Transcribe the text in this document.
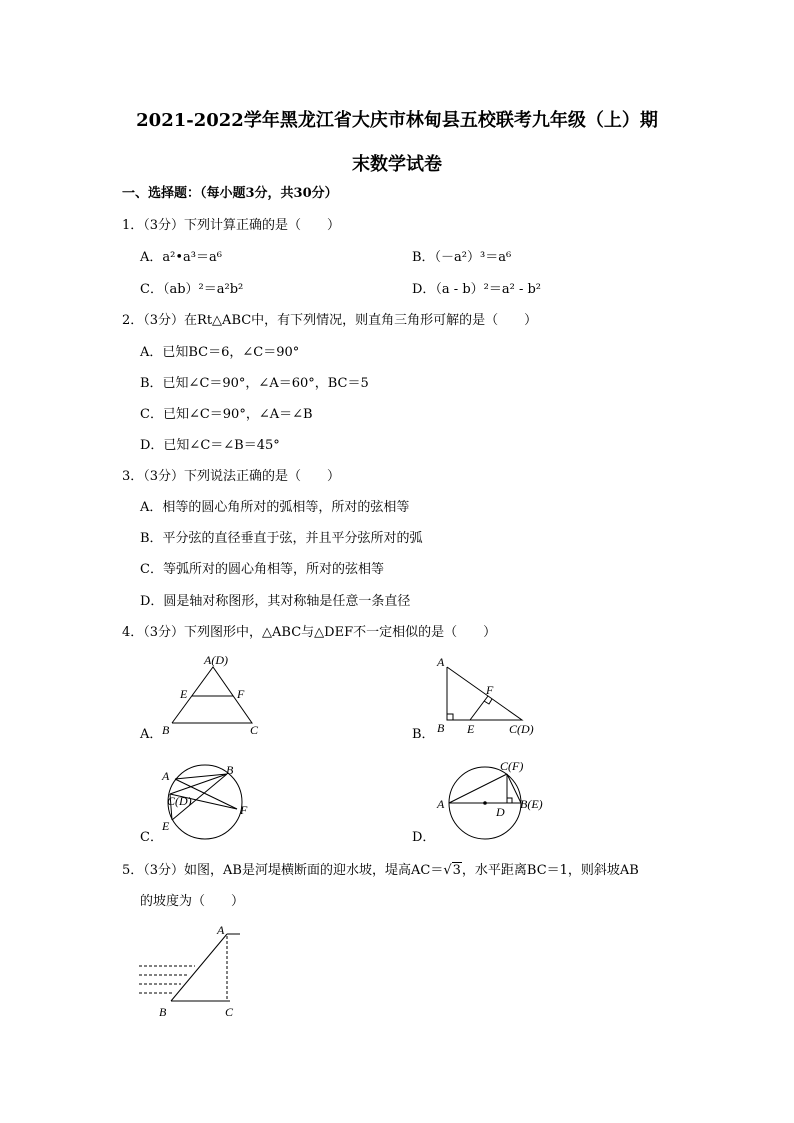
2021-2022学年黑龙江省大庆市林甸县五校联考九年级（上）期
末数学试卷
一、选择题：（每小题3分，共30分）
1．（3分）下列计算正确的是（　　）
A．a²•a³＝a⁶	B．（－a²）³＝a⁶
C．（ab）²＝a²b²	D．（a - b）²＝a² - b²
2．（3分）在Rt△ABC中，有下列情况，则直角三角形可解的是（　　）
A．已知BC＝6，∠C＝90°
B．已知∠C＝90°，∠A＝60°，BC＝5
C．已知∠C＝90°，∠A＝∠B
D．已知∠C＝∠B＝45°
3．（3分）下列说法正确的是（　　）
A．相等的圆心角所对的弧相等，所对的弦相等
B．平分弦的直径垂直于弦，并且平分弦所对的弧
C．等弧所对的圆心角相等，所对的弦相等
D．圆是轴对称图形，其对称轴是任意一条直径
4．（3分）下列图形中，△ABC与△DEF不一定相似的是（　　）
A．	B．
C．	D．
A(D)
E	F
B	C
A
F
B E	C(D)
A	B
C(D)
F
E
C(F)
A	B(E)
D
5．（3分）如图，AB是河堤横断面的迎水坡，堤高AC＝√3，水平距离BC＝1，则斜坡AB
的坡度为（　　）
A
B	C
